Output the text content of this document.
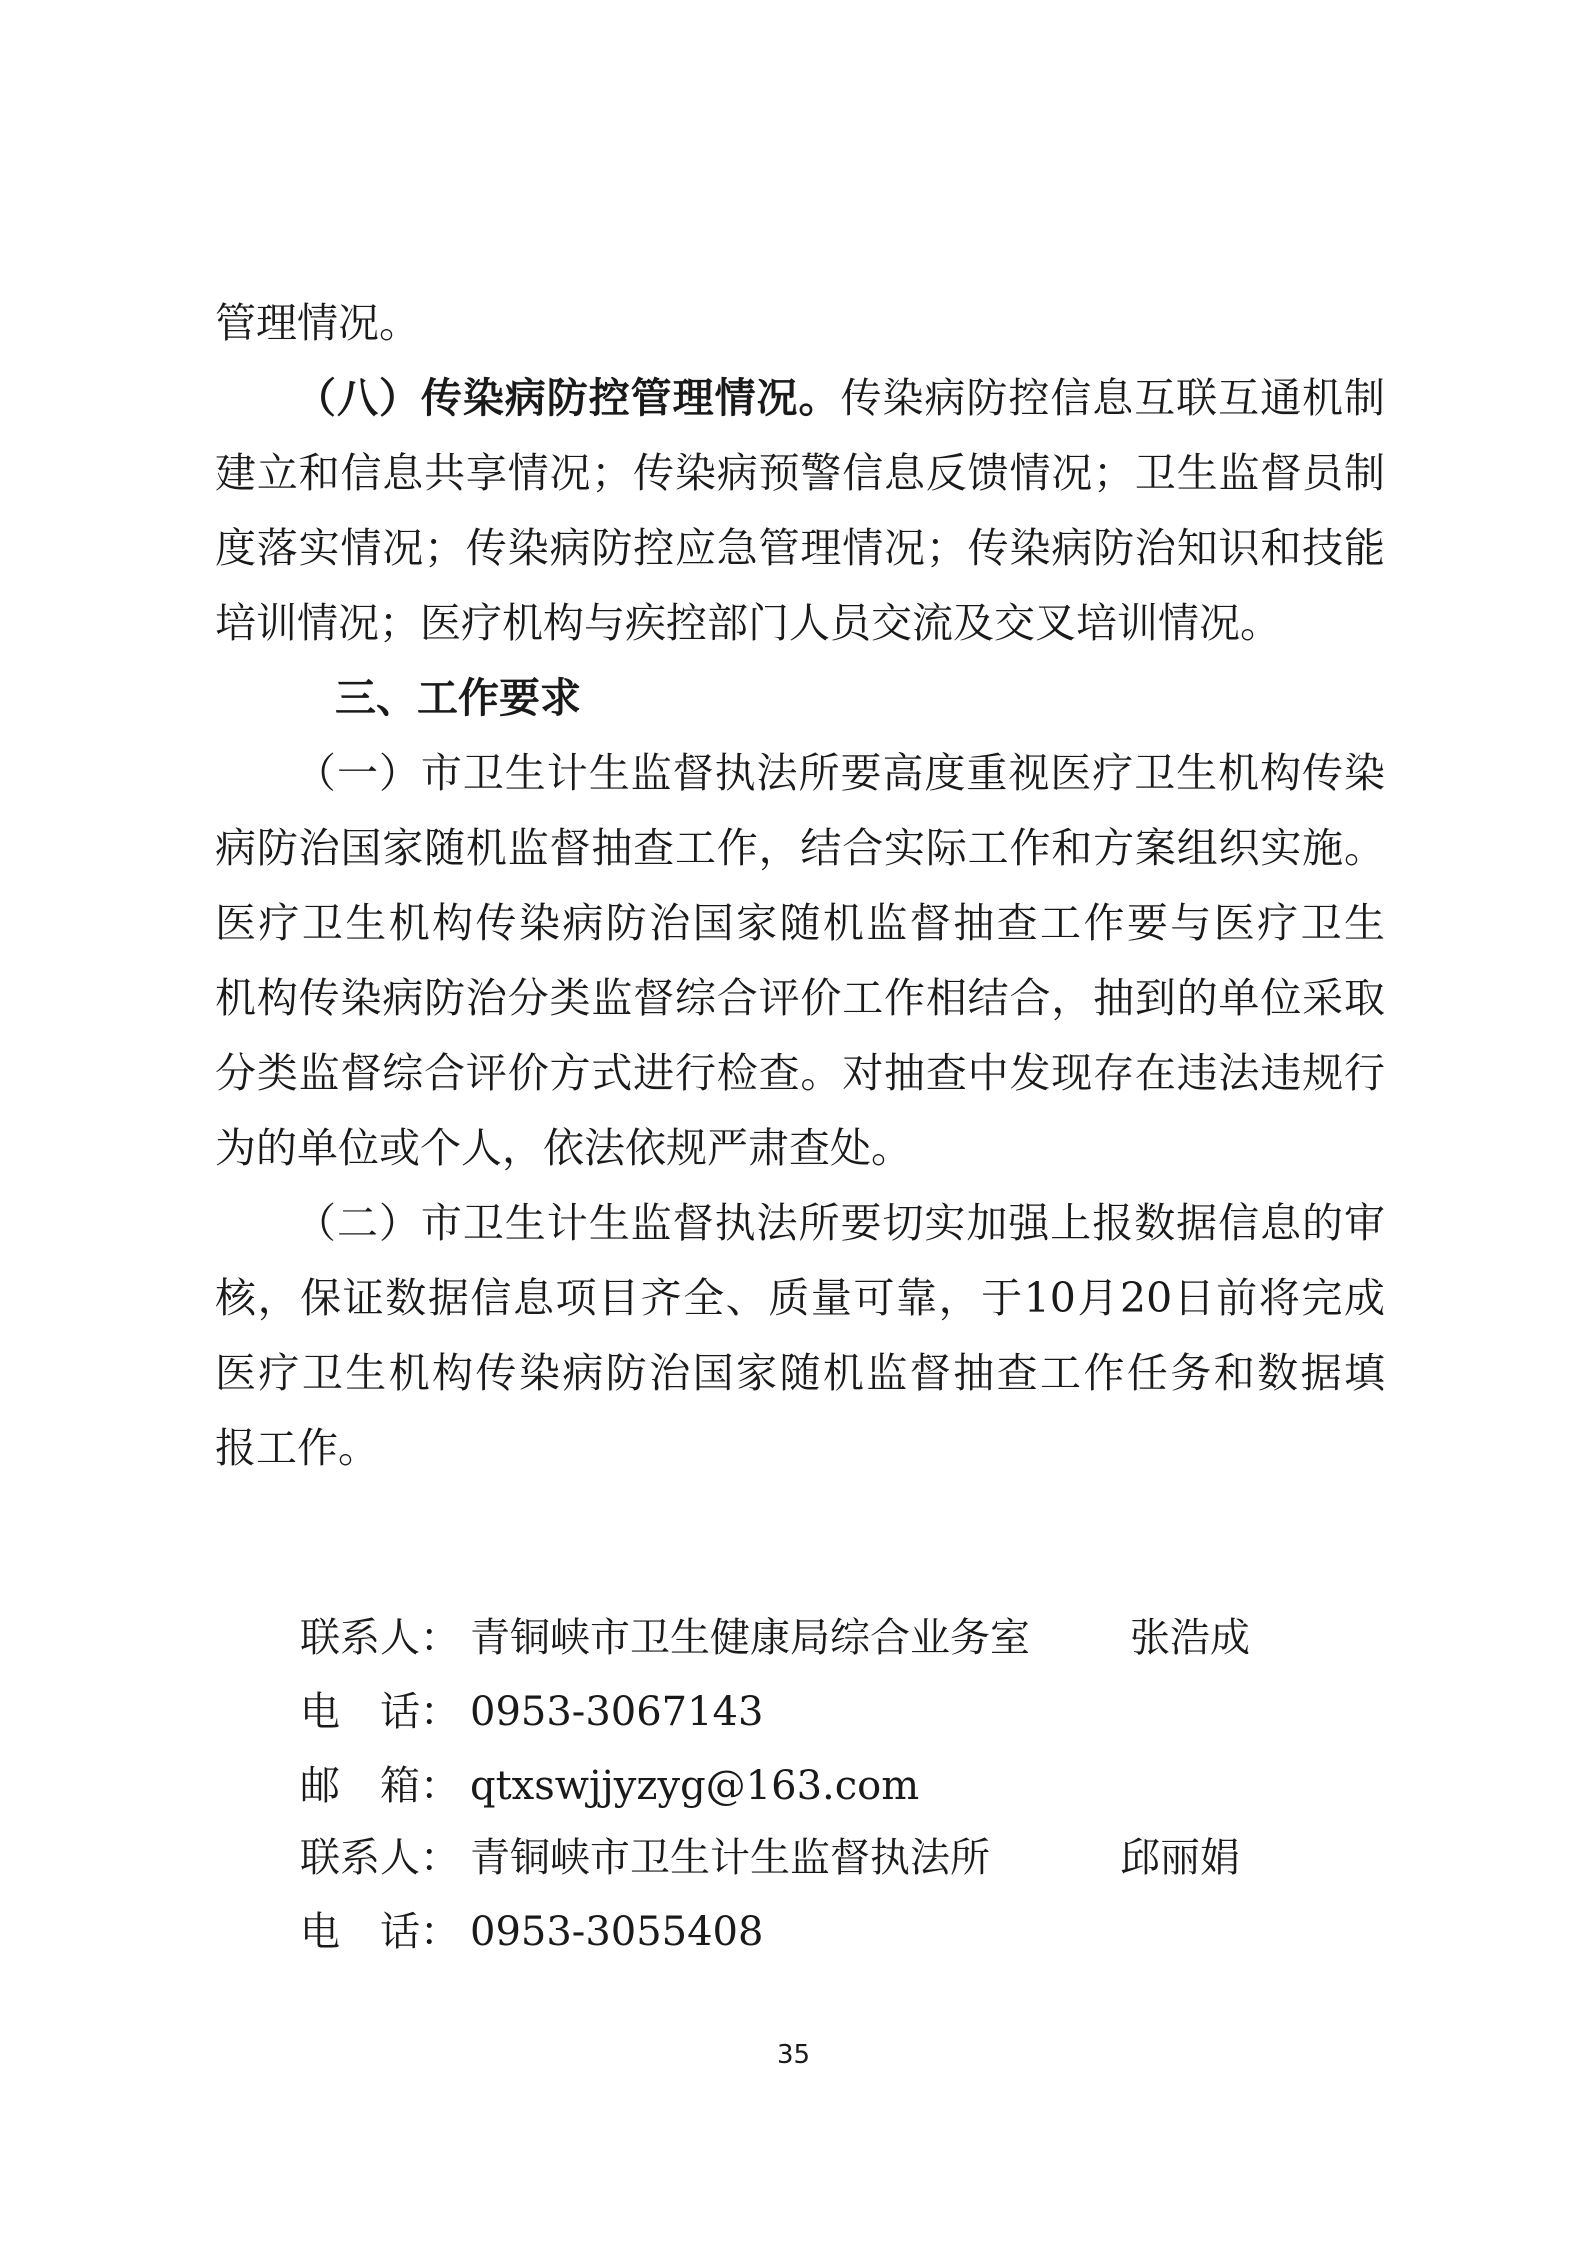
管理情况。
（八）传染病防控管理情况。传染病防控信息互联互通机制
建立和信息共享情况；传染病预警信息反馈情况；卫生监督员制
度落实情况；传染病防控应急管理情况；传染病防治知识和技能
培训情况；医疗机构与疾控部门人员交流及交叉培训情况。
三、工作要求
（一）市卫生计生监督执法所要高度重视医疗卫生机构传染
病防治国家随机监督抽查工作，结合实际工作和方案组织实施。
医疗卫生机构传染病防治国家随机监督抽查工作要与医疗卫生
机构传染病防治分类监督综合评价工作相结合，抽到的单位采取
分类监督综合评价方式进行检查。对抽查中发现存在违法违规行
为的单位或个人，依法依规严肃查处。
（二）市卫生计生监督执法所要切实加强上报数据信息的审
核，保证数据信息项目齐全、质量可靠，于10月20日前将完成
医疗卫生机构传染病防治国家随机监督抽查工作任务和数据填
报工作。
联系人： 青铜峡市卫生健康局综合业务室	张浩成
电　话： 0953-3067143
邮　箱： qtxswjjyzyg@163.com
联系人： 青铜峡市卫生计生监督执法所	邱丽娟
电　话： 0953-3055408
35
